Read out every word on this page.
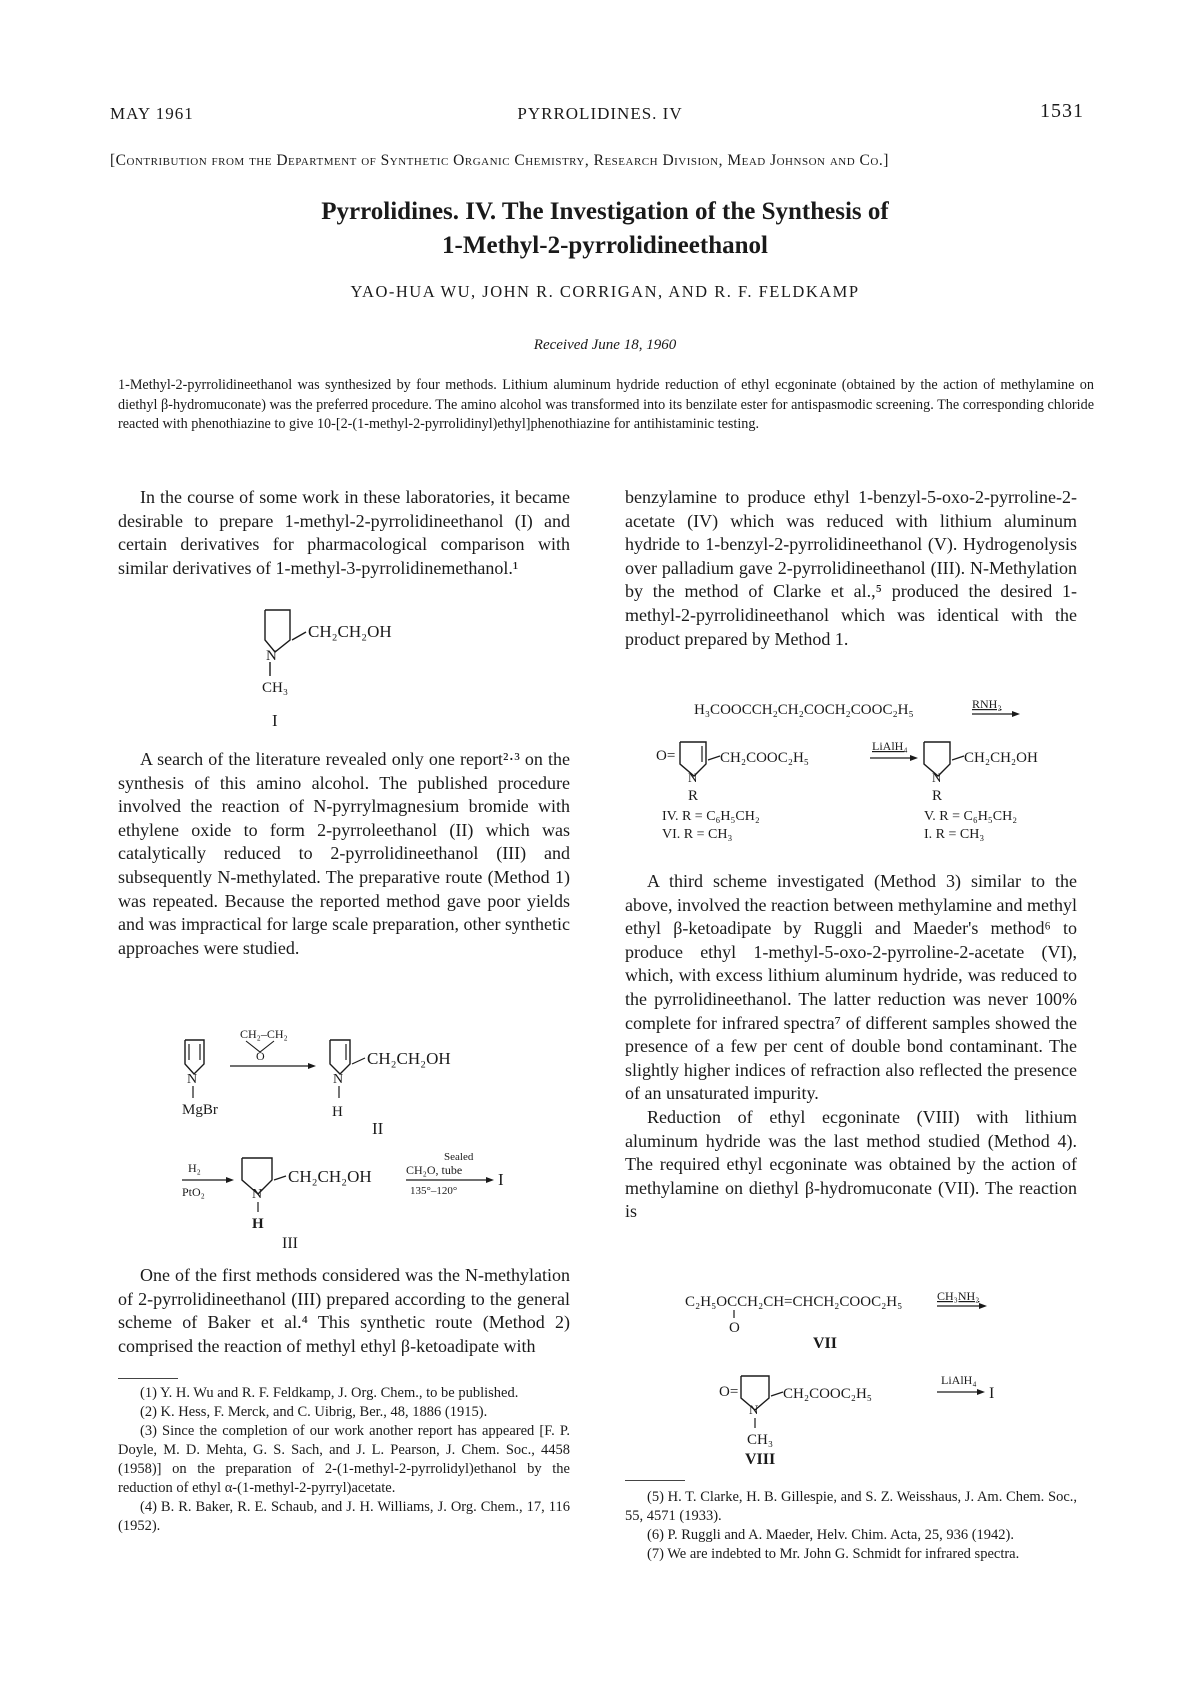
MAY 1961	PYRROLIDINES. IV	1531
[Contribution from the Department of Synthetic Organic Chemistry, Research Division, Mead Johnson and Co.]
Pyrrolidines. IV. The Investigation of the Synthesis of
1-Methyl-2-pyrrolidineethanol
YAO-HUA WU, JOHN R. CORRIGAN, AND R. F. FELDKAMP
Received June 18, 1960
1-Methyl-2-pyrrolidineethanol was synthesized by four methods. Lithium aluminum hydride reduction of ethyl ecgoninate (obtained by the action of methylamine on diethyl β-hydromuconate) was the preferred procedure. The amino alcohol was transformed into its benzilate ester for antispasmodic screening. The corresponding chloride reacted with phenothiazine to give 10-[2-(1-methyl-2-pyrrolidinyl)ethyl]phenothiazine for antihistaminic testing.

In the course of some work in these laboratories, it became desirable to prepare 1-methyl-2-pyrrolidineethanol (I) and certain derivatives for pharmacological comparison with similar derivatives of 1-methyl-3-pyrrolidinemethanol.¹

N
CH₂CH₂OH
CH₃
I

A search of the literature revealed only one report²·³ on the synthesis of this amino alcohol. The published procedure involved the reaction of N-pyrrylmagnesium bromide with ethylene oxide to form 2-pyrroleethanol (II) which was catalytically reduced to 2-pyrrolidineethanol (III) and subsequently N-methylated. The preparative route (Method 1) was repeated. Because the reported method gave poor yields and was impractical for large scale preparation, other synthetic approaches were studied.

N
MgBr
CH₂–CH₂
O
N
CH₂CH₂OH
H
II
H₂
PtO₂	N
CH₂CH₂OH
H
III
Sealed
CH₂O, tube
135°–120°
I

One of the first methods considered was the N-methylation of 2-pyrrolidineethanol (III) prepared according to the general scheme of Baker et al.⁴ This synthetic route (Method 2) comprised the reaction of methyl ethyl β-ketoadipate with

(1) Y. H. Wu and R. F. Feldkamp, J. Org. Chem., to be published.

(2) K. Hess, F. Merck, and C. Uibrig, Ber., 48, 1886 (1915).

(3) Since the completion of our work another report has appeared [F. P. Doyle, M. D. Mehta, G. S. Sach, and J. L. Pearson, J. Chem. Soc., 4458 (1958)] on the preparation of 2-(1-methyl-2-pyrrolidyl)ethanol by the reduction of ethyl α-(1-methyl-2-pyrryl)acetate.

(4) B. R. Baker, R. E. Schaub, and J. H. Williams, J. Org. Chem., 17, 116 (1952).

benzylamine to produce ethyl 1-benzyl-5-oxo-2-pyrroline-2-acetate (IV) which was reduced with lithium aluminum hydride to 1-benzyl-2-pyrrolidineethanol (V). Hydrogenolysis over palladium gave 2-pyrrolidineethanol (III). N-Methylation by the method of Clarke et al.,⁵ produced the desired 1-methyl-2-pyrrolidineethanol which was identical with the product prepared by Method 1.

H₃COOCCH₂CH₂COCH₂COOC₂H₅	RNH₂
O=
N
CH₂COOC₂H₅
R
LiAlH₄
N
CH₂CH₂OH
R
IV. R = C₆H₅CH₂
VI. R = CH₃
V. R = C₆H₅CH₂
I. R = CH₃

A third scheme investigated (Method 3) similar to the above, involved the reaction between methylamine and methyl ethyl β-ketoadipate by Ruggli and Maeder's method⁶ to produce ethyl 1-methyl-5-oxo-2-pyrroline-2-acetate (VI), which, with excess lithium aluminum hydride, was reduced to the pyrrolidineethanol. The latter reduction was never 100% complete for infrared spectra⁷ of different samples showed the presence of a few per cent of double bond contaminant. The slightly higher indices of refraction also reflected the presence of an unsaturated impurity.

Reduction of ethyl ecgoninate (VIII) with lithium aluminum hydride was the last method studied (Method 4). The required ethyl ecgoninate was obtained by the action of methylamine on diethyl β-hydromuconate (VII). The reaction is

C₂H₅OCCH₂CH=CHCH₂COOC₂H₅	CH₃NH₂
O
VII
O=
N
CH₂COOC₂H₅
LiAlH₄
I
CH₃
VIII

(5) H. T. Clarke, H. B. Gillespie, and S. Z. Weisshaus, J. Am. Chem. Soc., 55, 4571 (1933).

(6) P. Ruggli and A. Maeder, Helv. Chim. Acta, 25, 936 (1942).

(7) We are indebted to Mr. John G. Schmidt for infrared spectra.
